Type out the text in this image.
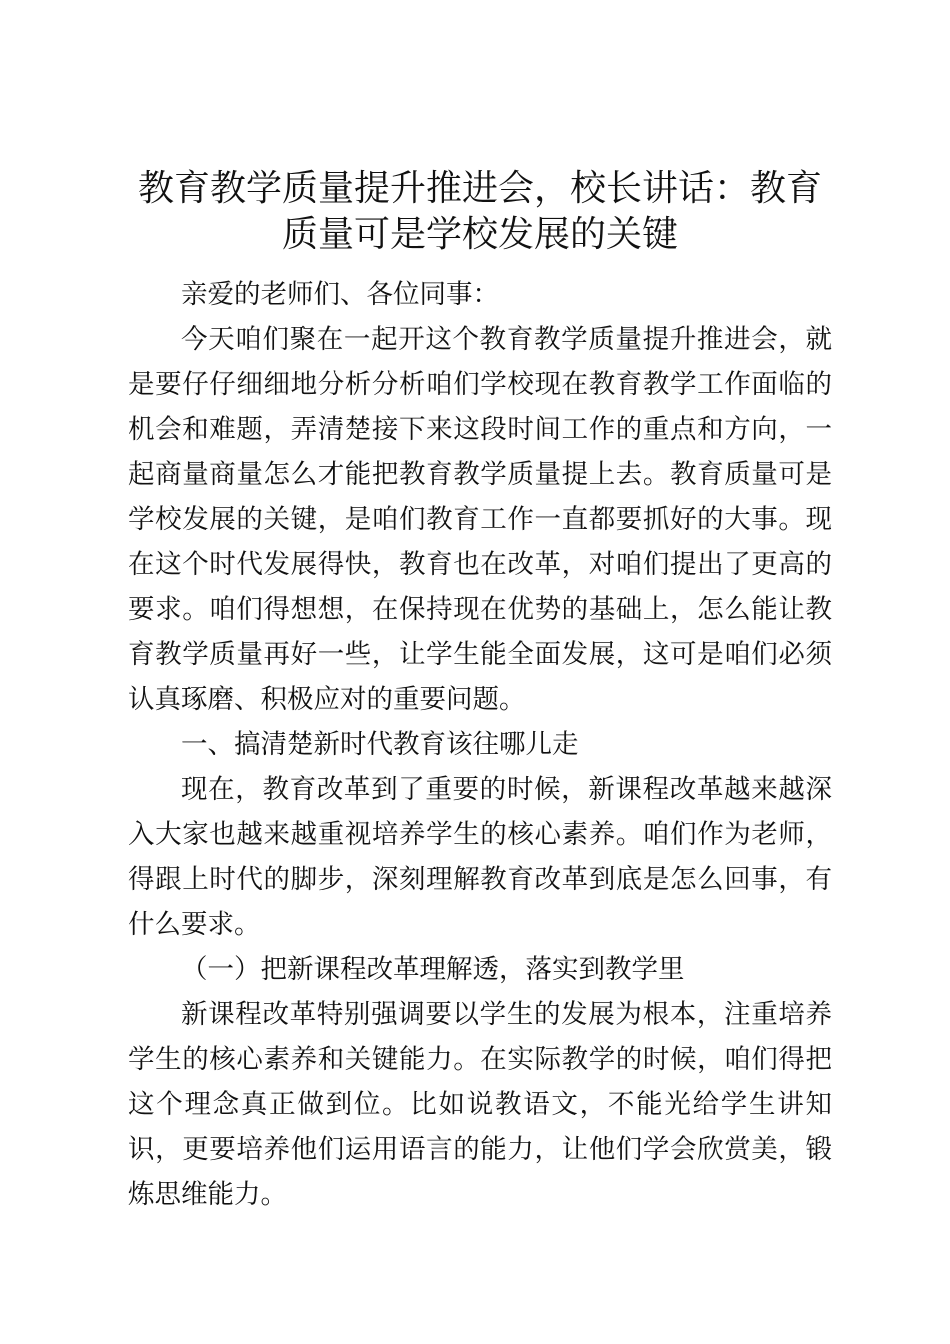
教育教学质量提升推进会，校长讲话：教育质量可是学校发展的关键

亲爱的老师们、各位同事：

今天咱们聚在一起开这个教育教学质量提升推进会，就是要仔仔细细地分析分析咱们学校现在教育教学工作面临的机会和难题，弄清楚接下来这段时间工作的重点和方向，一起商量商量怎么才能把教育教学质量提上去。教育质量可是学校发展的关键，是咱们教育工作一直都要抓好的大事。现在这个时代发展得快，教育也在改革，对咱们提出了更高的要求。咱们得想想，在保持现在优势的基础上，怎么能让教育教学质量再好一些，让学生能全面发展，这可是咱们必须认真琢磨、积极应对的重要问题。

一、搞清楚新时代教育该往哪儿走

现在，教育改革到了重要的时候，新课程改革越来越深入大家也越来越重视培养学生的核心素养。咱们作为老师，得跟上时代的脚步，深刻理解教育改革到底是怎么回事，有什么要求。

（一）把新课程改革理解透，落实到教学里

新课程改革特别强调要以学生的发展为根本，注重培养学生的核心素养和关键能力。在实际教学的时候，咱们得把这个理念真正做到位。比如说教语文，不能光给学生讲知识，更要培养他们运用语言的能力，让他们学会欣赏美，锻炼思维能力。
